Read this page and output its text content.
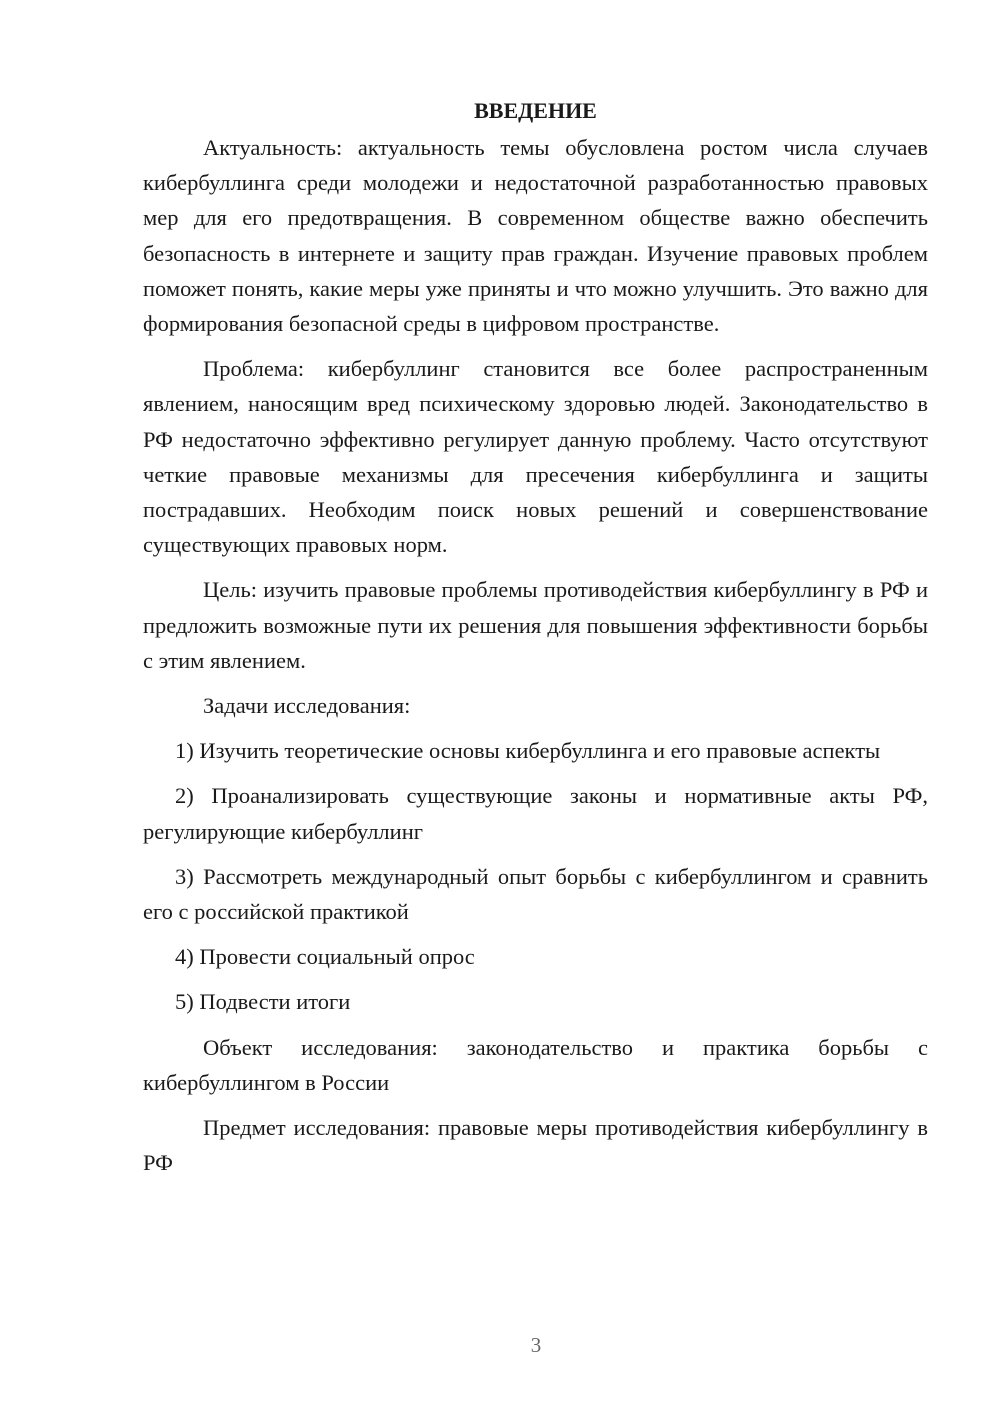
ВВЕДЕНИЕ

Актуальность: актуальность темы обусловлена ростом числа случаев кибербуллинга среди молодежи и недостаточной разработанностью правовых мер для его предотвращения. В современном обществе важно обеспечить безопасность в интернете и защиту прав граждан. Изучение правовых проблем поможет понять, какие меры уже приняты и что можно улучшить. Это важно для формирования безопасной среды в цифровом пространстве.

Проблема: кибербуллинг становится все более распространенным явлением, наносящим вред психическому здоровью людей. Законодательство в РФ недостаточно эффективно регулирует данную проблему. Часто отсутствуют четкие правовые механизмы для пресечения кибербуллинга и защиты пострадавших. Необходим поиск новых решений и совершенствование существующих правовых норм.

Цель: изучить правовые проблемы противодействия кибербуллингу в РФ и предложить возможные пути их решения для повышения эффективности борьбы с этим явлением.

Задачи исследования:

1) Изучить теоретические основы кибербуллинга и его правовые аспекты

2) Проанализировать существующие законы и нормативные акты РФ, регулирующие кибербуллинг

3) Рассмотреть международный опыт борьбы с кибербуллингом и сравнить его с российской практикой

4) Провести социальный опрос

5) Подвести итоги

Объект исследования: законодательство и практика борьбы с кибербуллингом в России

Предмет исследования: правовые меры противодействия кибербуллингу в РФ

3
